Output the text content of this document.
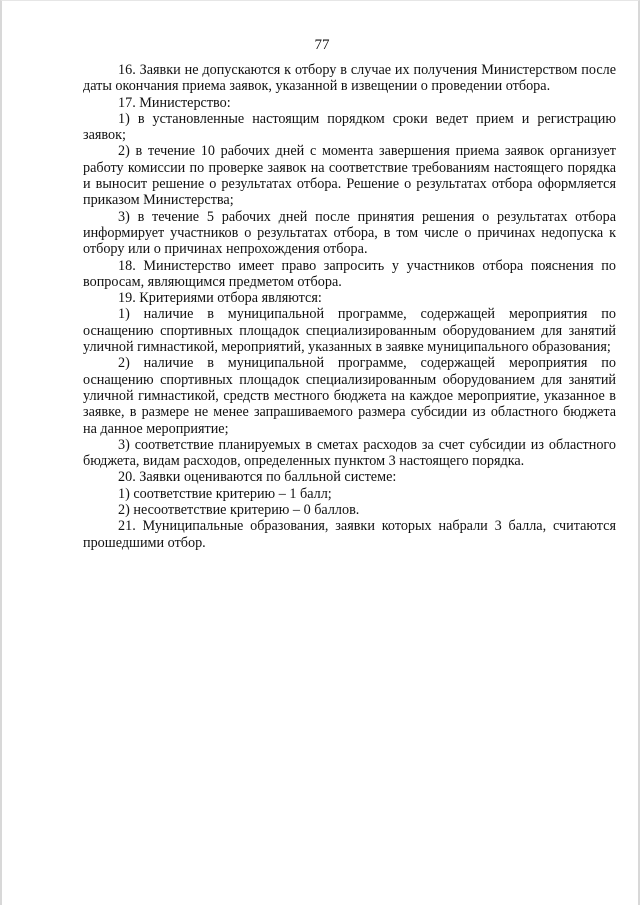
77

16. Заявки не допускаются к отбору в случае их получения Министерством после даты окончания приема заявок, указанной в извещении о проведении отбора.

17. Министерство:

1) в установленные настоящим порядком сроки ведет прием и регистрацию заявок;

2) в течение 10 рабочих дней с момента завершения приема заявок организует работу комиссии по проверке заявок на соответствие требованиям настоящего порядка и выносит решение о результатах отбора. Решение о результатах отбора оформляется приказом Министерства;

3) в течение 5 рабочих дней после принятия решения о результатах отбора информирует участников о результатах отбора, в том числе о причинах недопуска к отбору или о причинах непрохождения отбора.

18. Министерство имеет право запросить у участников отбора пояснения по вопросам, являющимся предметом отбора.

19. Критериями отбора являются:

1) наличие в муниципальной программе, содержащей мероприятия по оснащению спортивных площадок специализированным оборудованием для занятий уличной гимнастикой, мероприятий, указанных в заявке муниципального образования;

2) наличие в муниципальной программе, содержащей мероприятия по оснащению спортивных площадок специализированным оборудованием для занятий уличной гимнастикой, средств местного бюджета на каждое мероприятие, указанное в заявке, в размере не менее запрашиваемого размера субсидии из областного бюджета на данное мероприятие;

3) соответствие планируемых в сметах расходов за счет субсидии из областного бюджета, видам расходов, определенных пунктом 3 настоящего порядка.

20. Заявки оцениваются по балльной системе:

1) соответствие критерию – 1 балл;

2) несоответствие критерию – 0 баллов.

21. Муниципальные образования, заявки которых набрали 3 балла, считаются прошедшими отбор.
